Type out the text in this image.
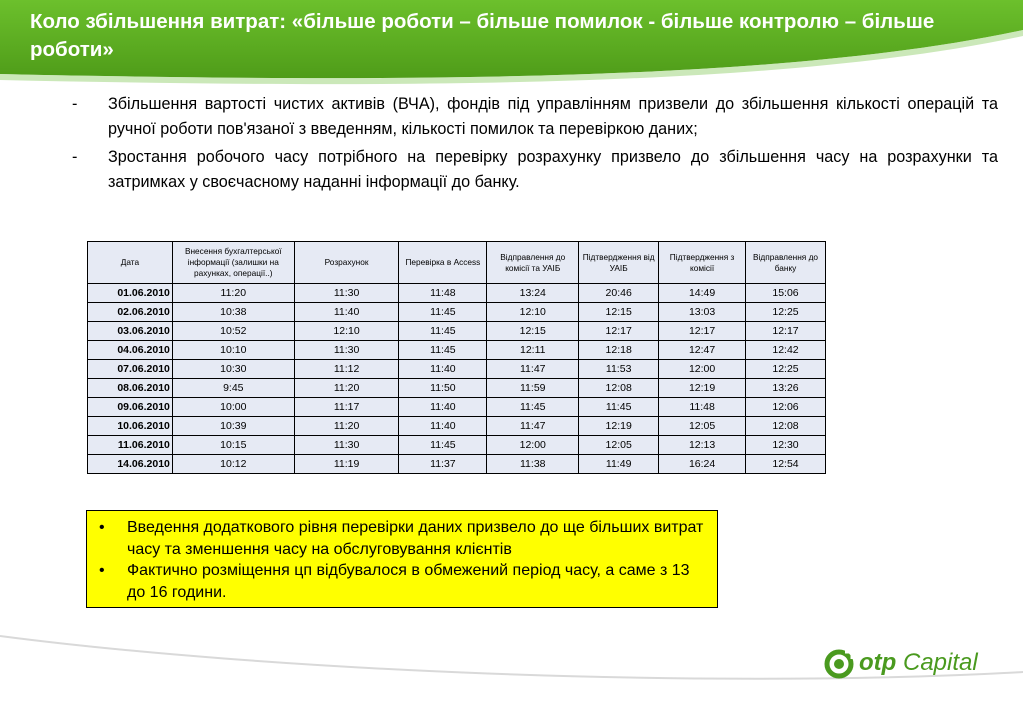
Коло збільшення витрат: «більше роботи – більше помилок - більше контролю – більше роботи»
- Збільшення вартості чистих активів (ВЧА), фондів під управлінням призвели до збільшення кількості операцій та ручної роботи пов'язаної з введенням, кількості помилок та перевіркою даних;
- Зростання робочого часу потрібного на перевірку розрахунку призвело до збільшення часу на розрахунки та затримках у своєчасному наданні інформації до банку.
Дата	Внесення бухгалтерської інформації (залишки на рахунках, операції..)	Розрахунок	Перевірка в Access	Відправлення до комісії та УАІБ	Підтвердження від УАІБ	Підтвердження з комісії	Відправлення до банку
01.06.2010	11:20	11:30	11:48	13:24	20:46	14:49	15:06
02.06.2010	10:38	11:40	11:45	12:10	12:15	13:03	12:25
03.06.2010	10:52	12:10	11:45	12:15	12:17	12:17	12:17
04.06.2010	10:10	11:30	11:45	12:11	12:18	12:47	12:42
07.06.2010	10:30	11:12	11:40	11:47	11:53	12:00	12:25
08.06.2010	9:45	11:20	11:50	11:59	12:08	12:19	13:26
09.06.2010	10:00	11:17	11:40	11:45	11:45	11:48	12:06
10.06.2010	10:39	11:20	11:40	11:47	12:19	12:05	12:08
11.06.2010	10:15	11:30	11:45	12:00	12:05	12:13	12:30
14.06.2010	10:12	11:19	11:37	11:38	11:49	16:24	12:54
• Введення додаткового рівня перевірки даних призвело до ще більших витрат часу та зменшення часу на обслуговування клієнтів
• Фактично розміщення цп відбувалося в обмежений період часу, а саме з 13 до 16 години.
otp Capital
